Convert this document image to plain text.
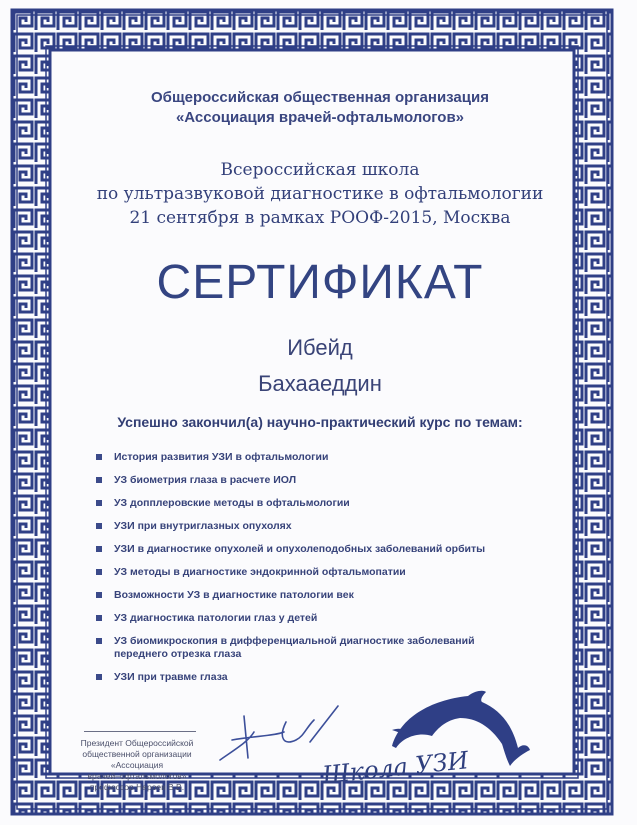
Общероссийская общественная организация
«Ассоциация врачей-офтальмологов»
Всероссийская школа
по ультразвуковой диагностике в офтальмологии
21 сентября в рамках РООФ-2015, Москва
СЕРТИФИКАТ
Ибейд
Бахааеддин
Успешно закончил(а) научно-практический курс по темам:
История развития УЗИ в офтальмологии
УЗ биометрия глаза в расчете ИОЛ
УЗ допплеровские методы в офтальмологии
УЗИ при внутриглазных опухолях
УЗИ в диагностике опухолей и опухолеподобных заболеваний орбиты
УЗ методы в диагностике эндокринной офтальмопатии
Возможности УЗ в диагностике патологии век
УЗ диагностика патологии глаз у детей
УЗ биомикроскопия в дифференциальной диагностике заболеваний переднего отрезка глаза
УЗИ при травме глаза
Президент Общероссийской
общественной организации
«Ассоциация
врачей–офтальмологов»
профессор Нероев В.В.	Школа УЗИ
